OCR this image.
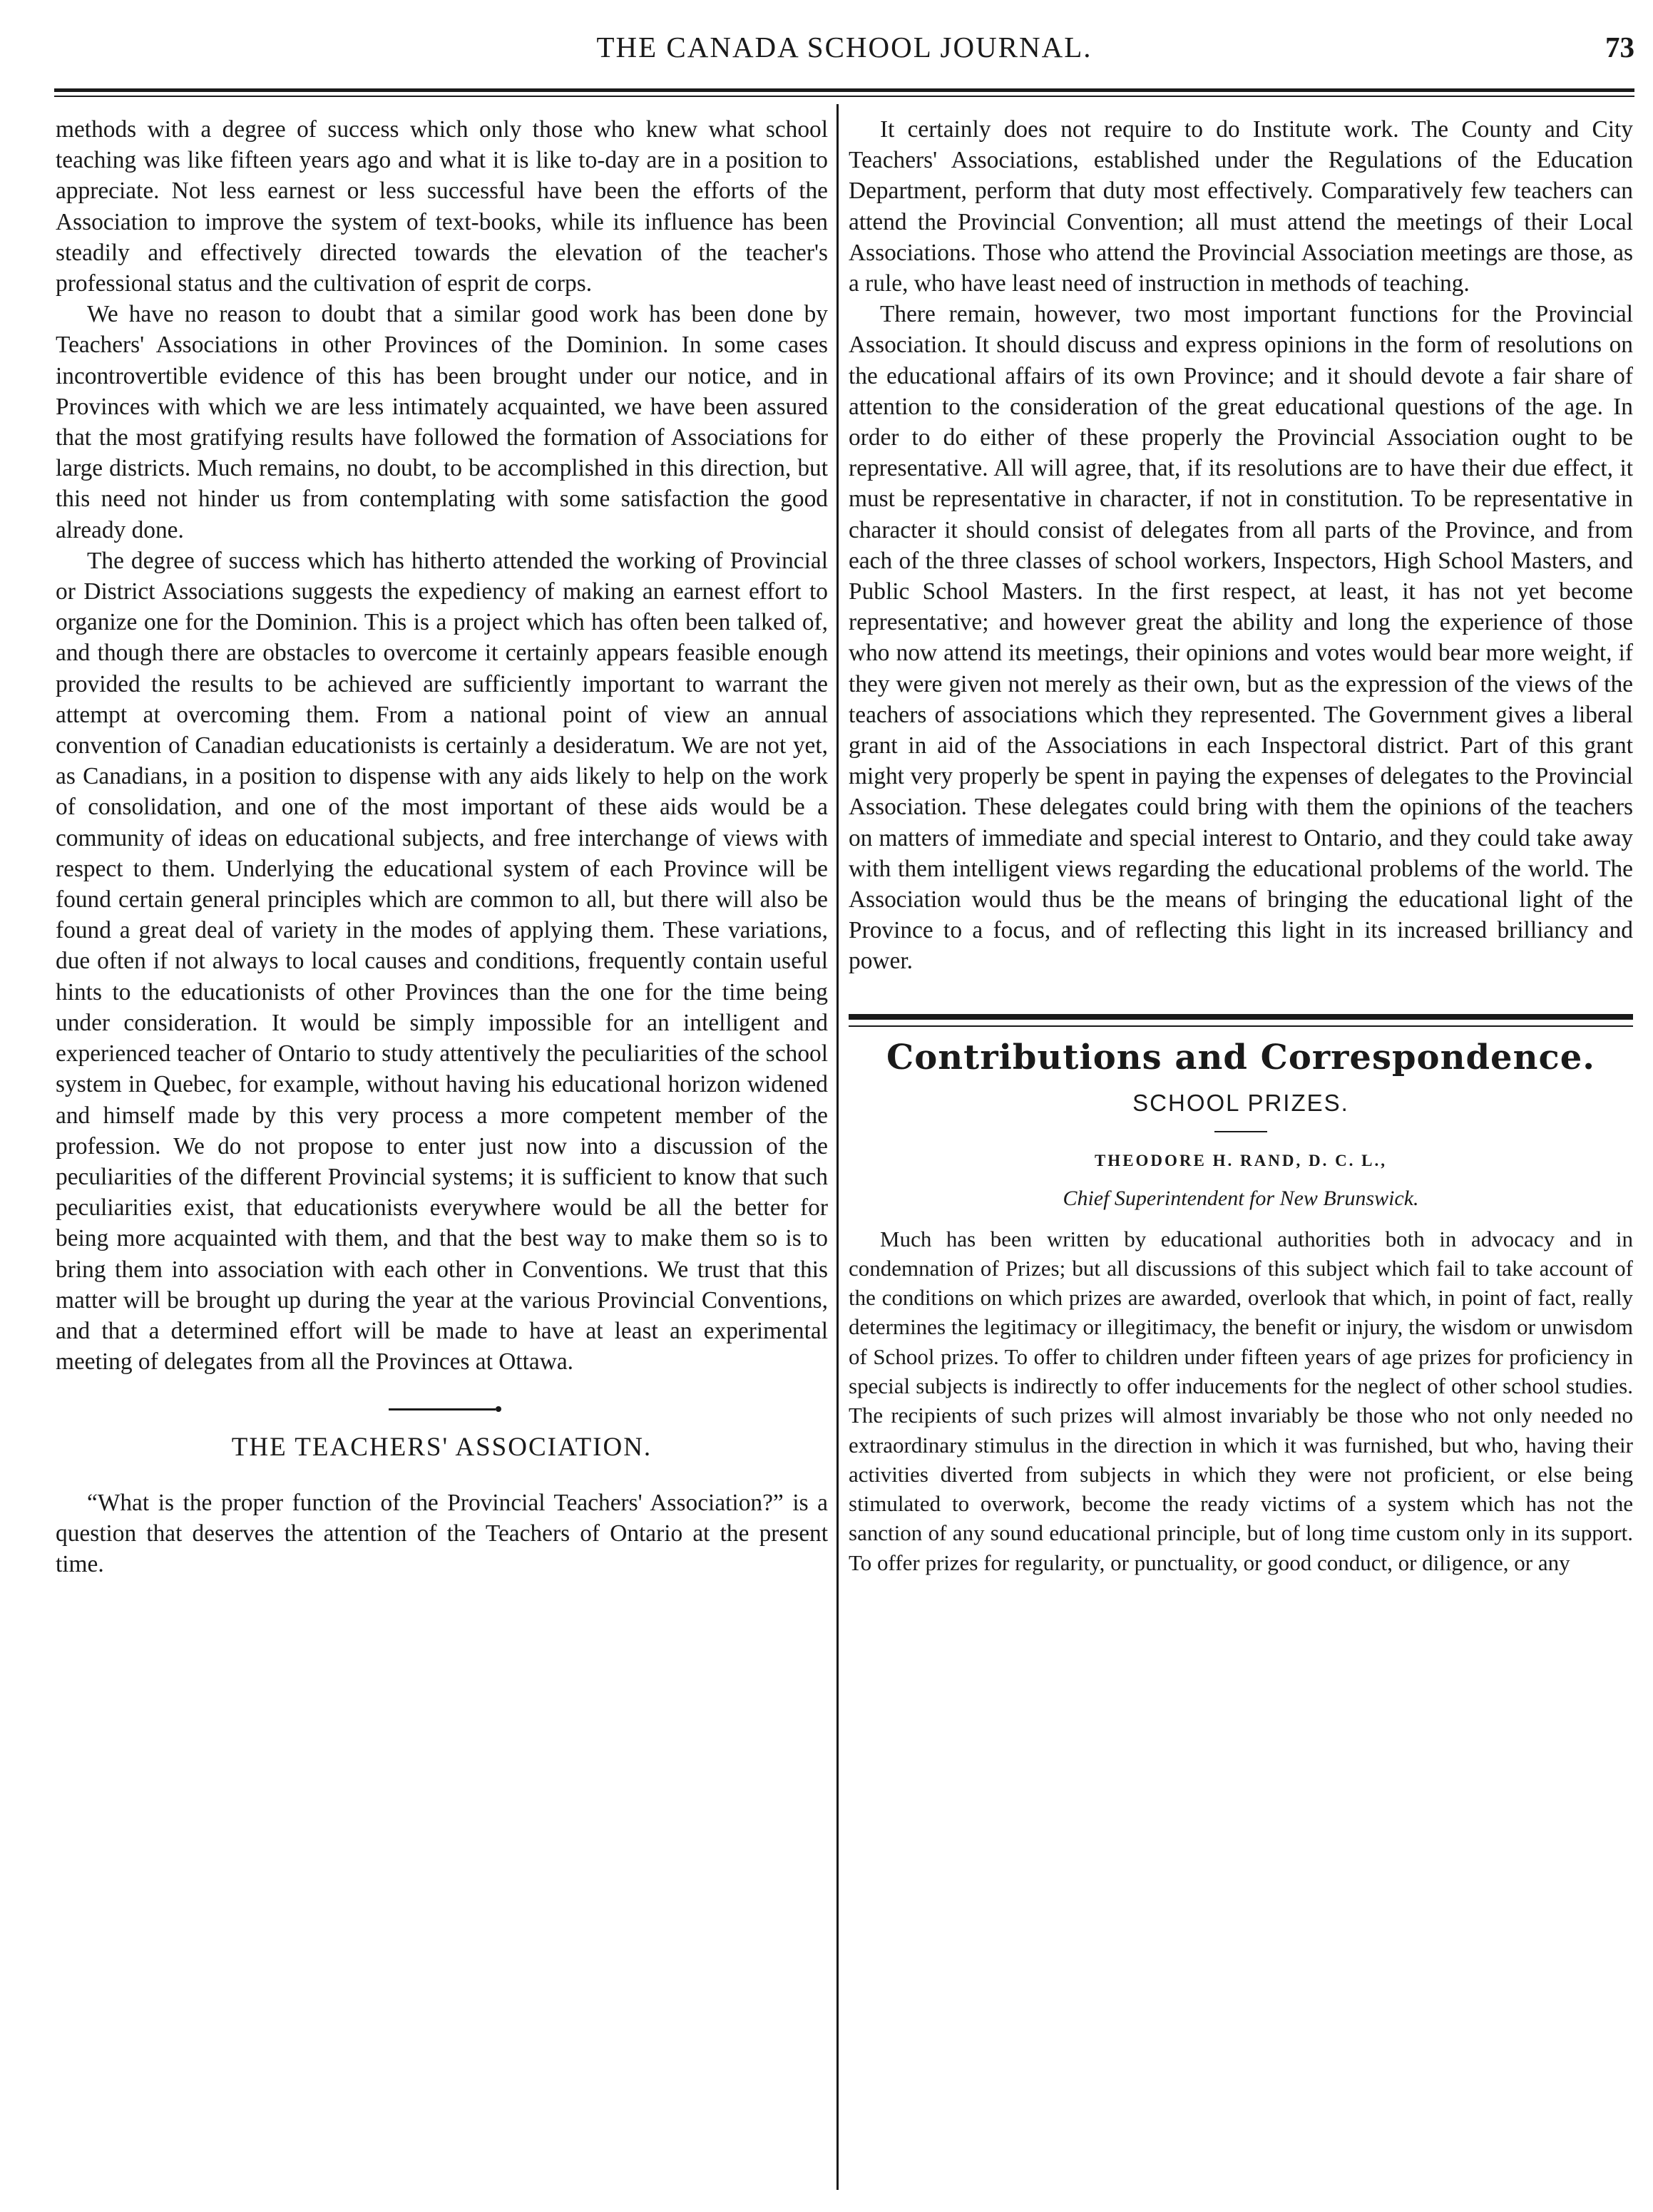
THE CANADA SCHOOL JOURNAL.	73

methods with a degree of success which only those who knew what school teaching was like fifteen years ago and what it is like to-day are in a position to appreciate. Not less earnest or less successful have been the efforts of the Association to improve the system of text-books, while its influence has been steadily and effectively directed towards the elevation of the teacher's professional status and the cultivation of esprit de corps.

We have no reason to doubt that a similar good work has been done by Teachers' Associations in other Provinces of the Dominion. In some cases incontrovertible evidence of this has been brought under our notice, and in Provinces with which we are less intimately acquainted, we have been assured that the most gratifying results have followed the formation of Associations for large districts. Much remains, no doubt, to be accomplished in this direction, but this need not hinder us from contemplating with some satisfaction the good already done.

The degree of success which has hitherto attended the working of Provincial or District Associations suggests the expediency of making an earnest effort to organize one for the Dominion. This is a project which has often been talked of, and though there are obstacles to overcome it certainly appears feasible enough provided the results to be achieved are sufficiently important to warrant the attempt at overcoming them. From a national point of view an annual convention of Canadian educationists is certainly a desideratum. We are not yet, as Canadians, in a position to dispense with any aids likely to help on the work of consolidation, and one of the most important of these aids would be a community of ideas on educational subjects, and free interchange of views with respect to them. Underlying the educational system of each Province will be found certain general principles which are common to all, but there will also be found a great deal of variety in the modes of applying them. These variations, due often if not always to local causes and conditions, frequently contain useful hints to the educationists of other Provinces than the one for the time being under consideration. It would be simply impossible for an intelligent and experienced teacher of Ontario to study attentively the peculiarities of the school system in Quebec, for example, without having his educational horizon widened and himself made by this very process a more competent member of the profession. We do not propose to enter just now into a discussion of the peculiarities of the different Provincial systems; it is sufficient to know that such peculiarities exist, that educationists everywhere would be all the better for being more acquainted with them, and that the best way to make them so is to bring them into association with each other in Conventions. We trust that this matter will be brought up during the year at the various Provincial Conventions, and that a determined effort will be made to have at least an experimental meeting of delegates from all the Provinces at Ottawa.

THE TEACHERS' ASSOCIATION.

“What is the proper function of the Provincial Teachers' Association?” is a question that deserves the attention of the Teachers of Ontario at the present time.

It certainly does not require to do Institute work. The County and City Teachers' Associations, established under the Regulations of the Education Department, perform that duty most effectively. Comparatively few teachers can attend the Provincial Convention; all must attend the meetings of their Local Associations. Those who attend the Provincial Association meetings are those, as a rule, who have least need of instruction in methods of teaching.

There remain, however, two most important functions for the Provincial Association. It should discuss and express opinions in the form of resolutions on the educational affairs of its own Province; and it should devote a fair share of attention to the consideration of the great educational questions of the age. In order to do either of these properly the Provincial Association ought to be representative. All will agree, that, if its resolutions are to have their due effect, it must be representative in character, if not in constitution. To be representative in character it should consist of delegates from all parts of the Province, and from each of the three classes of school workers, Inspectors, High School Masters, and Public School Masters. In the first respect, at least, it has not yet become representative; and however great the ability and long the experience of those who now attend its meetings, their opinions and votes would bear more weight, if they were given not merely as their own, but as the expression of the views of the teachers of associations which they represented. The Government gives a liberal grant in aid of the Associations in each Inspectoral district. Part of this grant might very properly be spent in paying the expenses of delegates to the Provincial Association. These delegates could bring with them the opinions of the teachers on matters of immediate and special interest to Ontario, and they could take away with them intelligent views regarding the educational problems of the world. The Association would thus be the means of bringing the educational light of the Province to a focus, and of reflecting this light in its increased brilliancy and power.

Contributions and Correspondence.
SCHOOL PRIZES.
THEODORE H. RAND, D. C. L.,
Chief Superintendent for New Brunswick.

Much has been written by educational authorities both in advocacy and in condemnation of Prizes; but all discussions of this subject which fail to take account of the conditions on which prizes are awarded, overlook that which, in point of fact, really determines the legitimacy or illegitimacy, the benefit or injury, the wisdom or unwisdom of School prizes. To offer to children under fifteen years of age prizes for proficiency in special subjects is indirectly to offer inducements for the neglect of other school studies. The recipients of such prizes will almost invariably be those who not only needed no extraordinary stimulus in the direction in which it was furnished, but who, having their activities diverted from subjects in which they were not proficient, or else being stimulated to overwork, become the ready victims of a system which has not the sanction of any sound educational principle, but of long time custom only in its support. To offer prizes for regularity, or punctuality, or good conduct, or diligence, or any
